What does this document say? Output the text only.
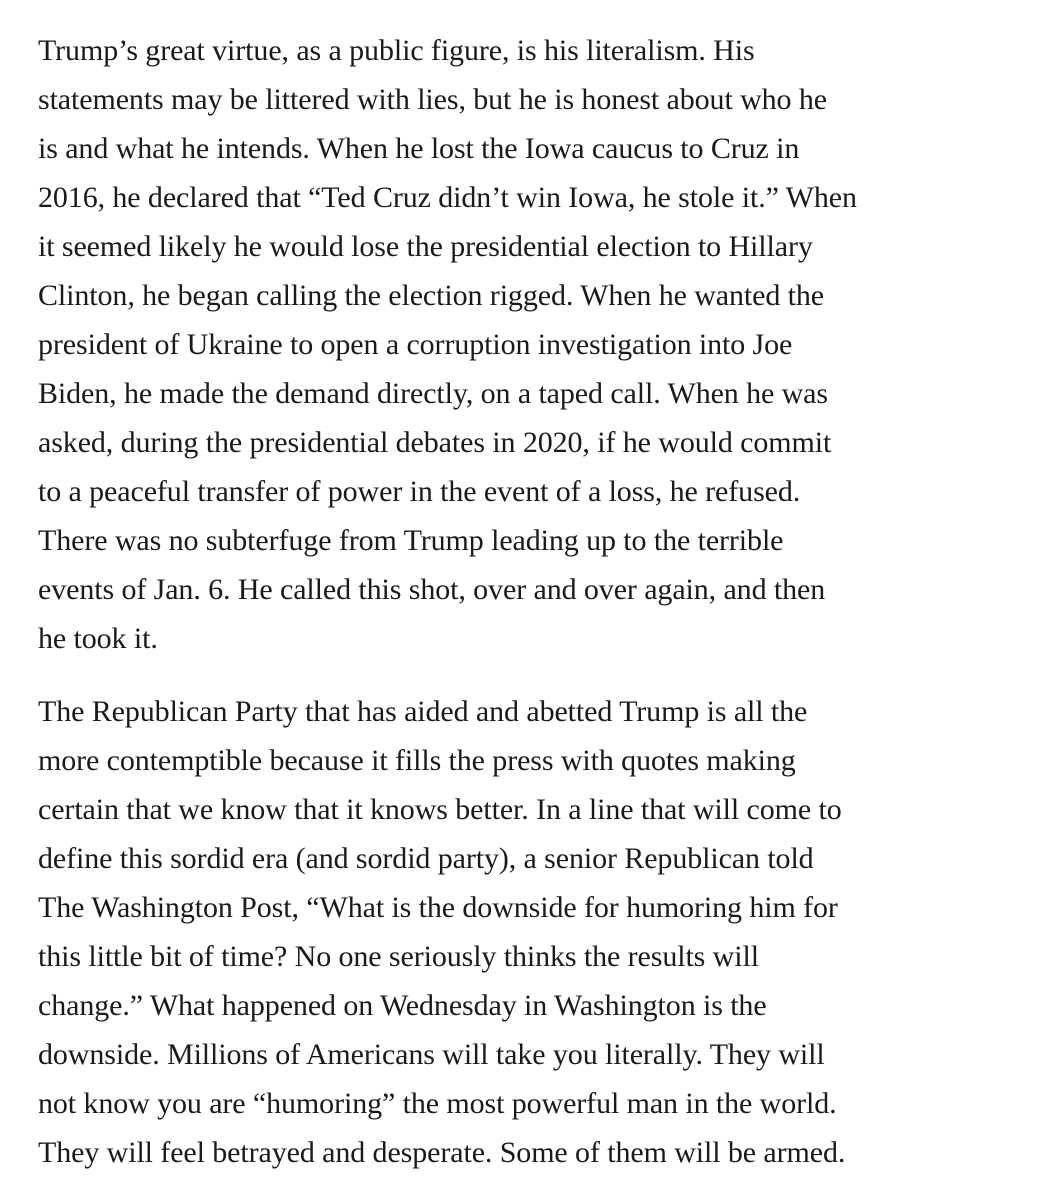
Trump’s great virtue, as a public figure, is his literalism. His
statements may be littered with lies, but he is honest about who he
is and what he intends. When he lost the Iowa caucus to Cruz in
2016, he declared that “Ted Cruz didn’t win Iowa, he stole it.” When
it seemed likely he would lose the presidential election to Hillary
Clinton, he began calling the election rigged. When he wanted the
president of Ukraine to open a corruption investigation into Joe
Biden, he made the demand directly, on a taped call. When he was
asked, during the presidential debates in 2020, if he would commit
to a peaceful transfer of power in the event of a loss, he refused.
There was no subterfuge from Trump leading up to the terrible
events of Jan. 6. He called this shot, over and over again, and then
he took it.

The Republican Party that has aided and abetted Trump is all the
more contemptible because it fills the press with quotes making
certain that we know that it knows better. In a line that will come to
define this sordid era (and sordid party), a senior Republican told
The Washington Post, “What is the downside for humoring him for
this little bit of time? No one seriously thinks the results will
change.” What happened on Wednesday in Washington is the
downside. Millions of Americans will take you literally. They will
not know you are “humoring” the most powerful man in the world.
They will feel betrayed and desperate. Some of them will be armed.
